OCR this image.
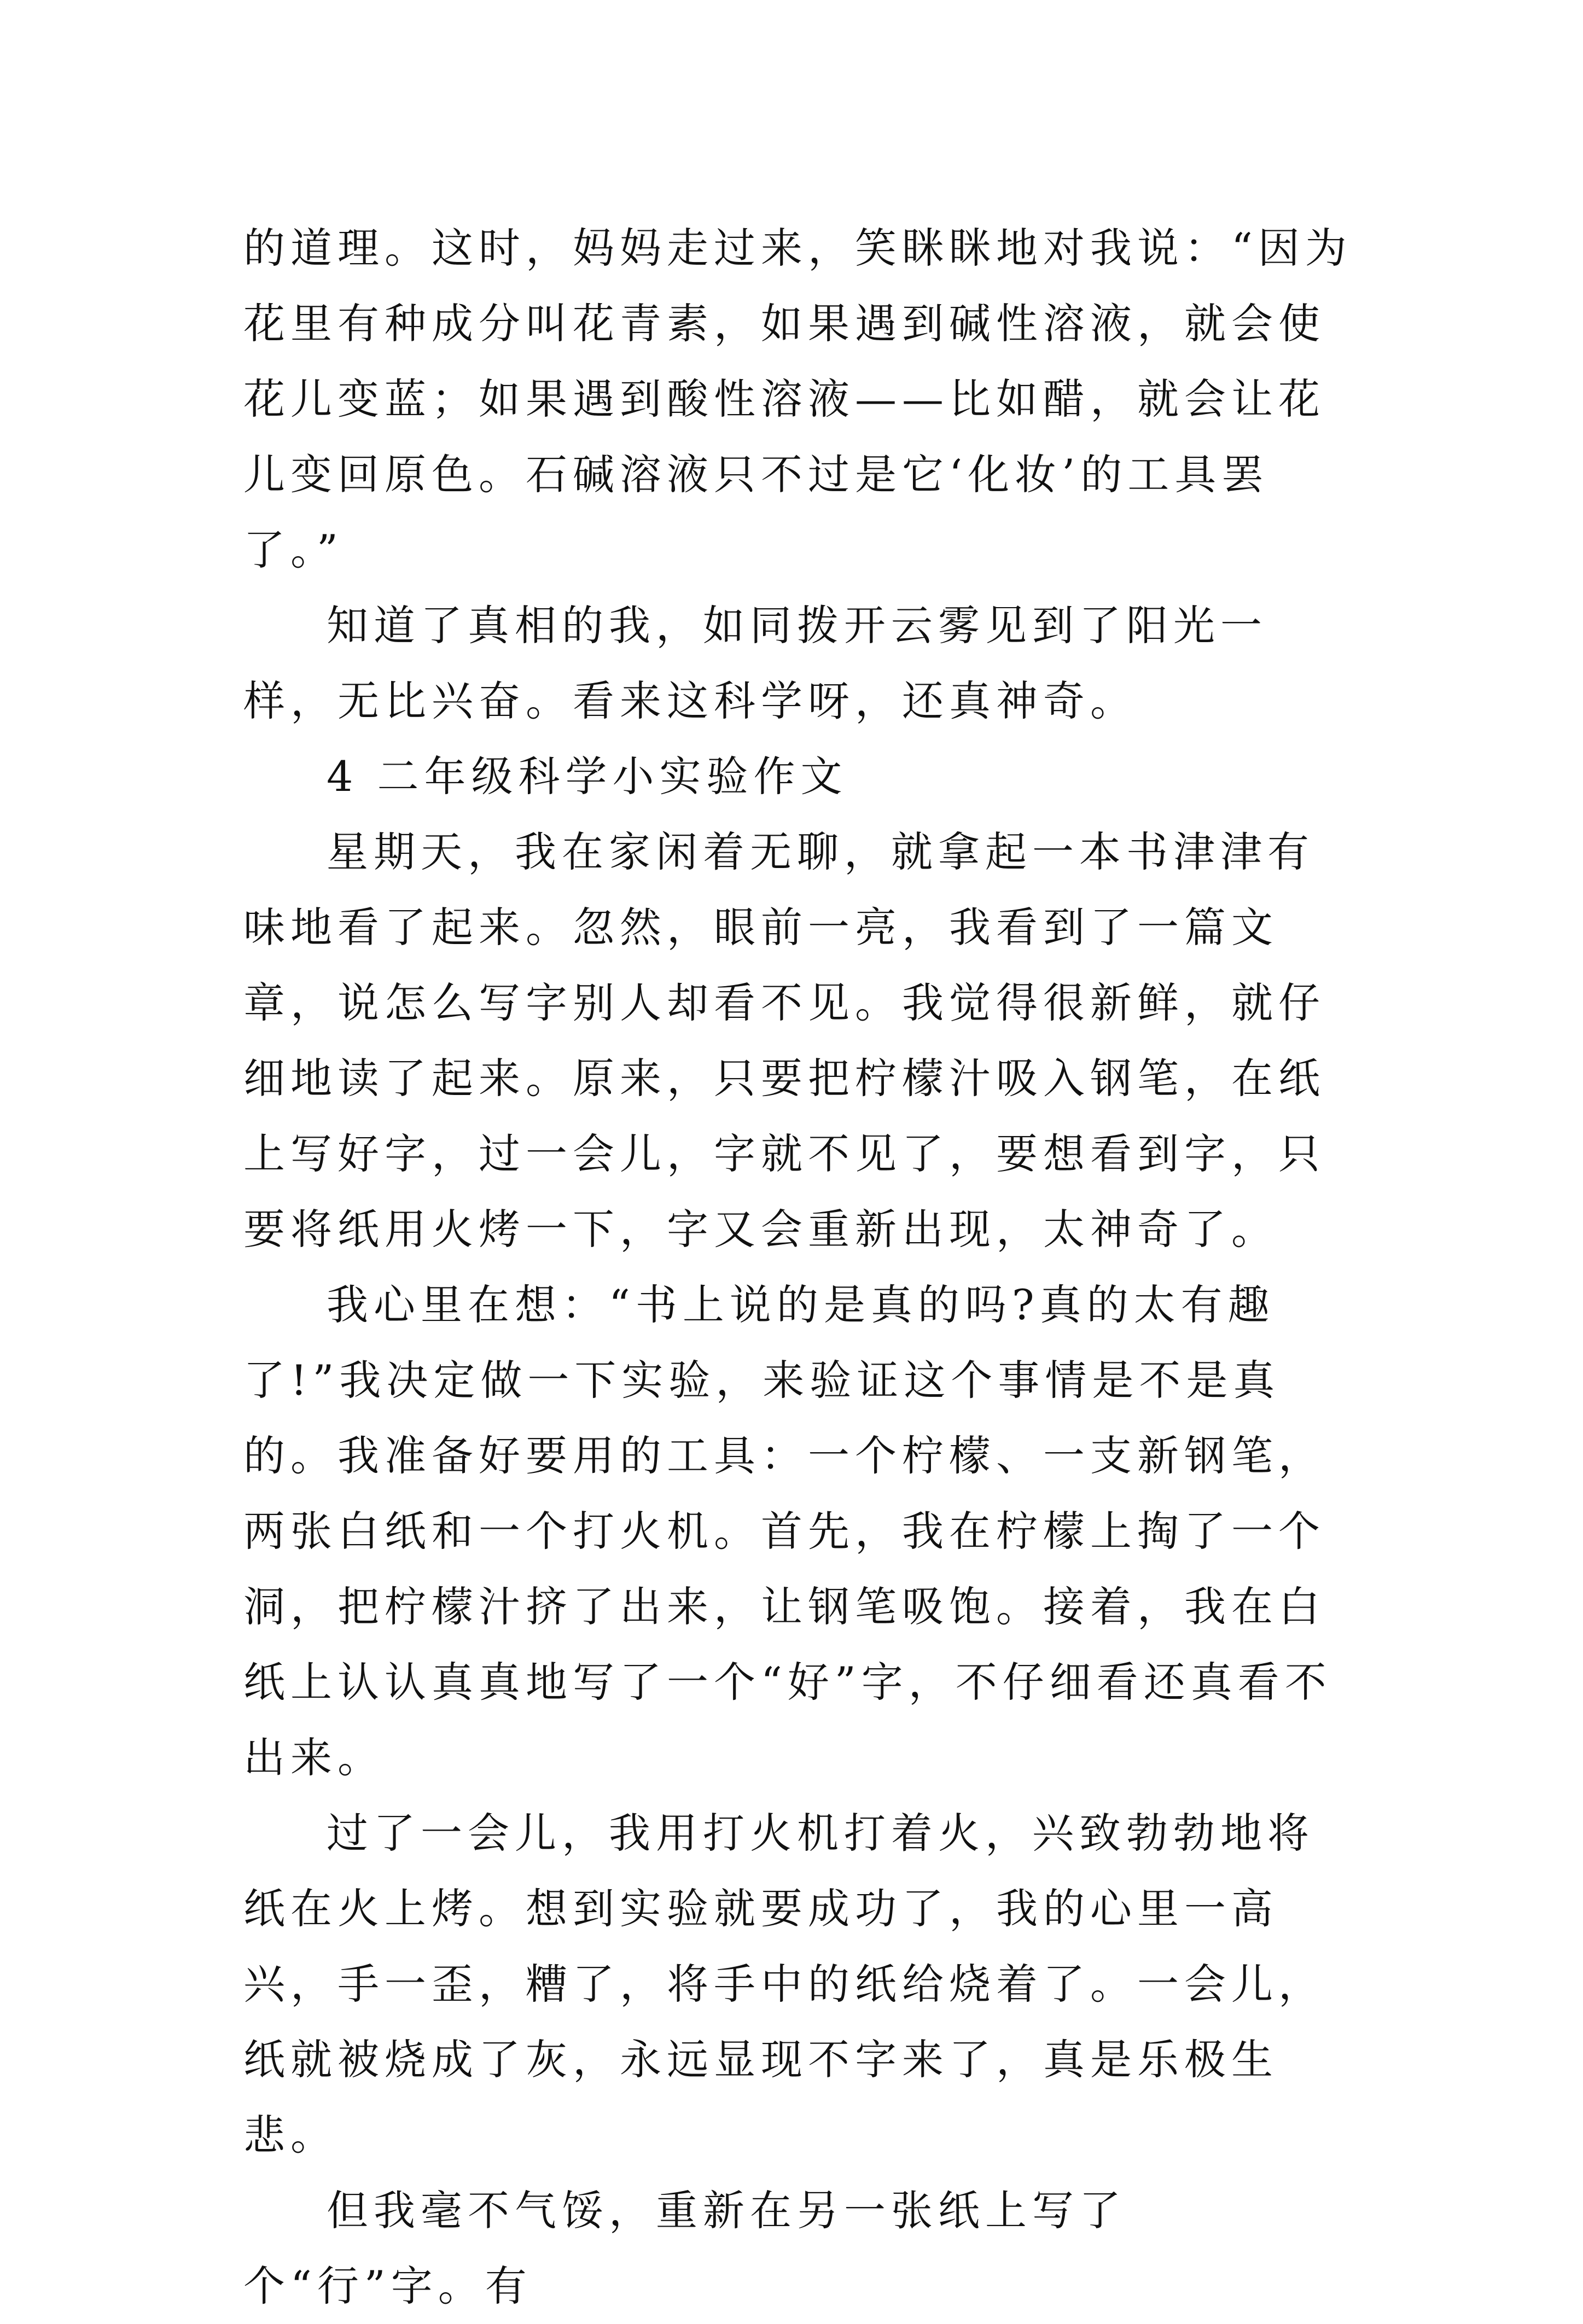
的道理。这时，妈妈走过来，笑眯眯地对我说：“因为花里有种成分叫花青素，如果遇到碱性溶液，就会使花儿变蓝；如果遇到酸性溶液——比如醋，就会让花儿变回原色。石碱溶液只不过是它‘化妆’的工具罢了。”

知道了真相的我，如同拨开云雾见到了阳光一样，无比兴奋。看来这科学呀，还真神奇。

4 二年级科学小实验作文

星期天，我在家闲着无聊，就拿起一本书津津有味地看了起来。忽然，眼前一亮，我看到了一篇文章，说怎么写字别人却看不见。我觉得很新鲜，就仔细地读了起来。原来，只要把柠檬汁吸入钢笔，在纸上写好字，过一会儿，字就不见了，要想看到字，只要将纸用火烤一下，字又会重新出现，太神奇了。

我心里在想：“书上说的是真的吗?真的太有趣了!”我决定做一下实验，来验证这个事情是不是真的。我准备好要用的工具：一个柠檬、一支新钢笔，两张白纸和一个打火机。首先，我在柠檬上掏了一个洞，把柠檬汁挤了出来，让钢笔吸饱。接着，我在白纸上认认真真地写了一个“好”字，不仔细看还真看不出来。

过了一会儿，我用打火机打着火，兴致勃勃地将纸在火上烤。想到实验就要成功了，我的心里一高兴，手一歪，糟了，将手中的纸给烧着了。一会儿，纸就被烧成了灰，永远显现不字来了，真是乐极生悲。

但我毫不气馁，重新在另一张纸上写了个“行”字。有
